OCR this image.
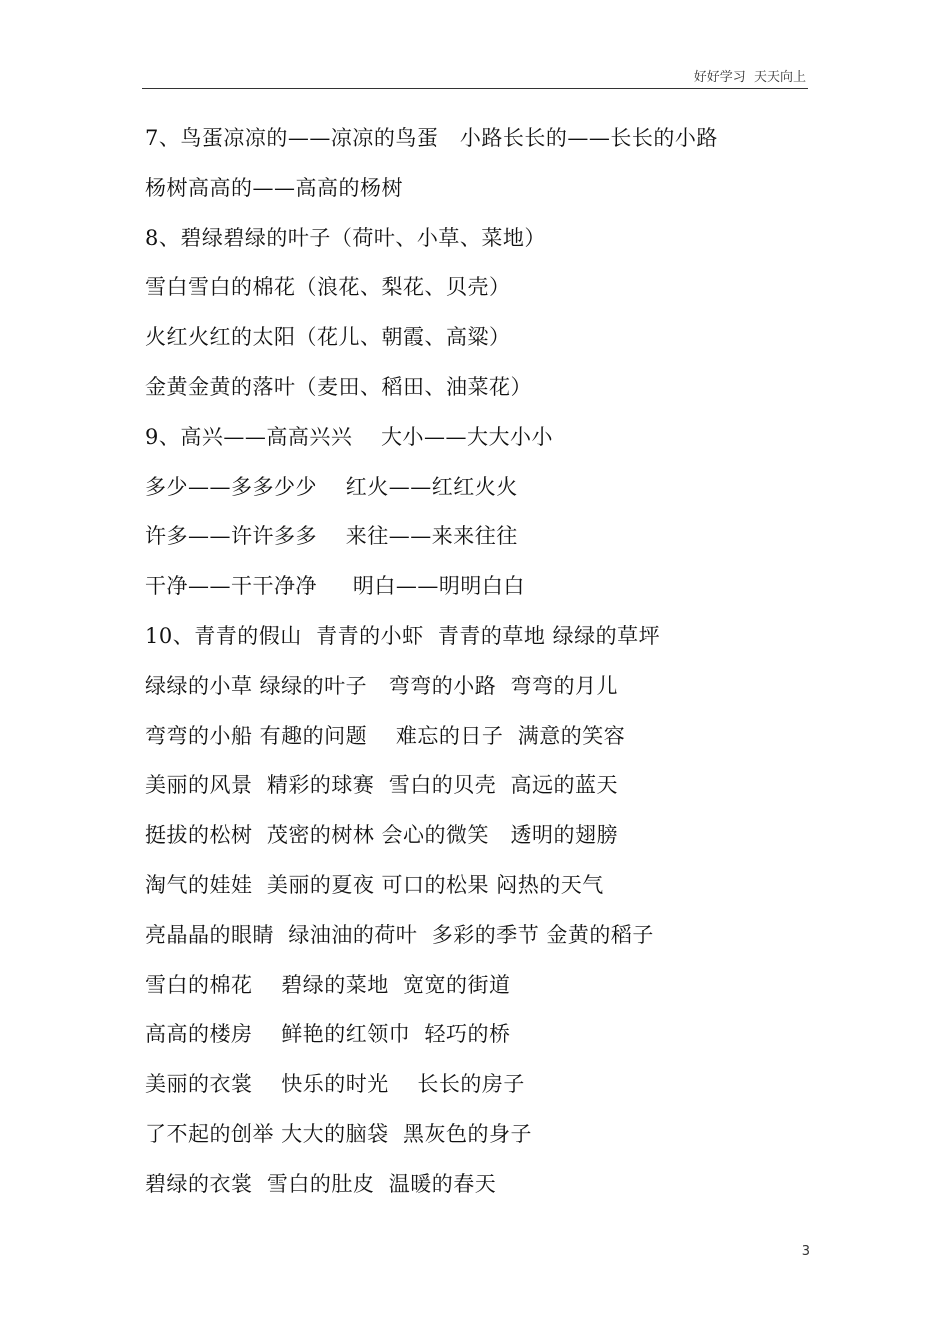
好好学习  天天向上
7、鸟蛋凉凉的——凉凉的鸟蛋   小路长长的——长长的小路
杨树高高的——高高的杨树
8、碧绿碧绿的叶子（荷叶、小草、菜地）
雪白雪白的棉花（浪花、梨花、贝壳）
火红火红的太阳（花儿、朝霞、高粱）
金黄金黄的落叶（麦田、稻田、油菜花）
9、高兴——高高兴兴    大小——大大小小
多少——多多少少    红火——红红火火
许多——许许多多    来往——来来往往
干净——干干净净     明白——明明白白
10、青青的假山  青青的小虾  青青的草地 绿绿的草坪
绿绿的小草 绿绿的叶子   弯弯的小路  弯弯的月儿
弯弯的小船 有趣的问题    难忘的日子  满意的笑容
美丽的风景  精彩的球赛  雪白的贝壳  高远的蓝天
挺拔的松树  茂密的树林 会心的微笑   透明的翅膀
淘气的娃娃  美丽的夏夜 可口的松果 闷热的天气
亮晶晶的眼睛  绿油油的荷叶  多彩的季节 金黄的稻子
雪白的棉花    碧绿的菜地  宽宽的街道
高高的楼房    鲜艳的红领巾  轻巧的桥
美丽的衣裳    快乐的时光    长长的房子
了不起的创举 大大的脑袋  黑灰色的身子
碧绿的衣裳  雪白的肚皮  温暖的春天
3
